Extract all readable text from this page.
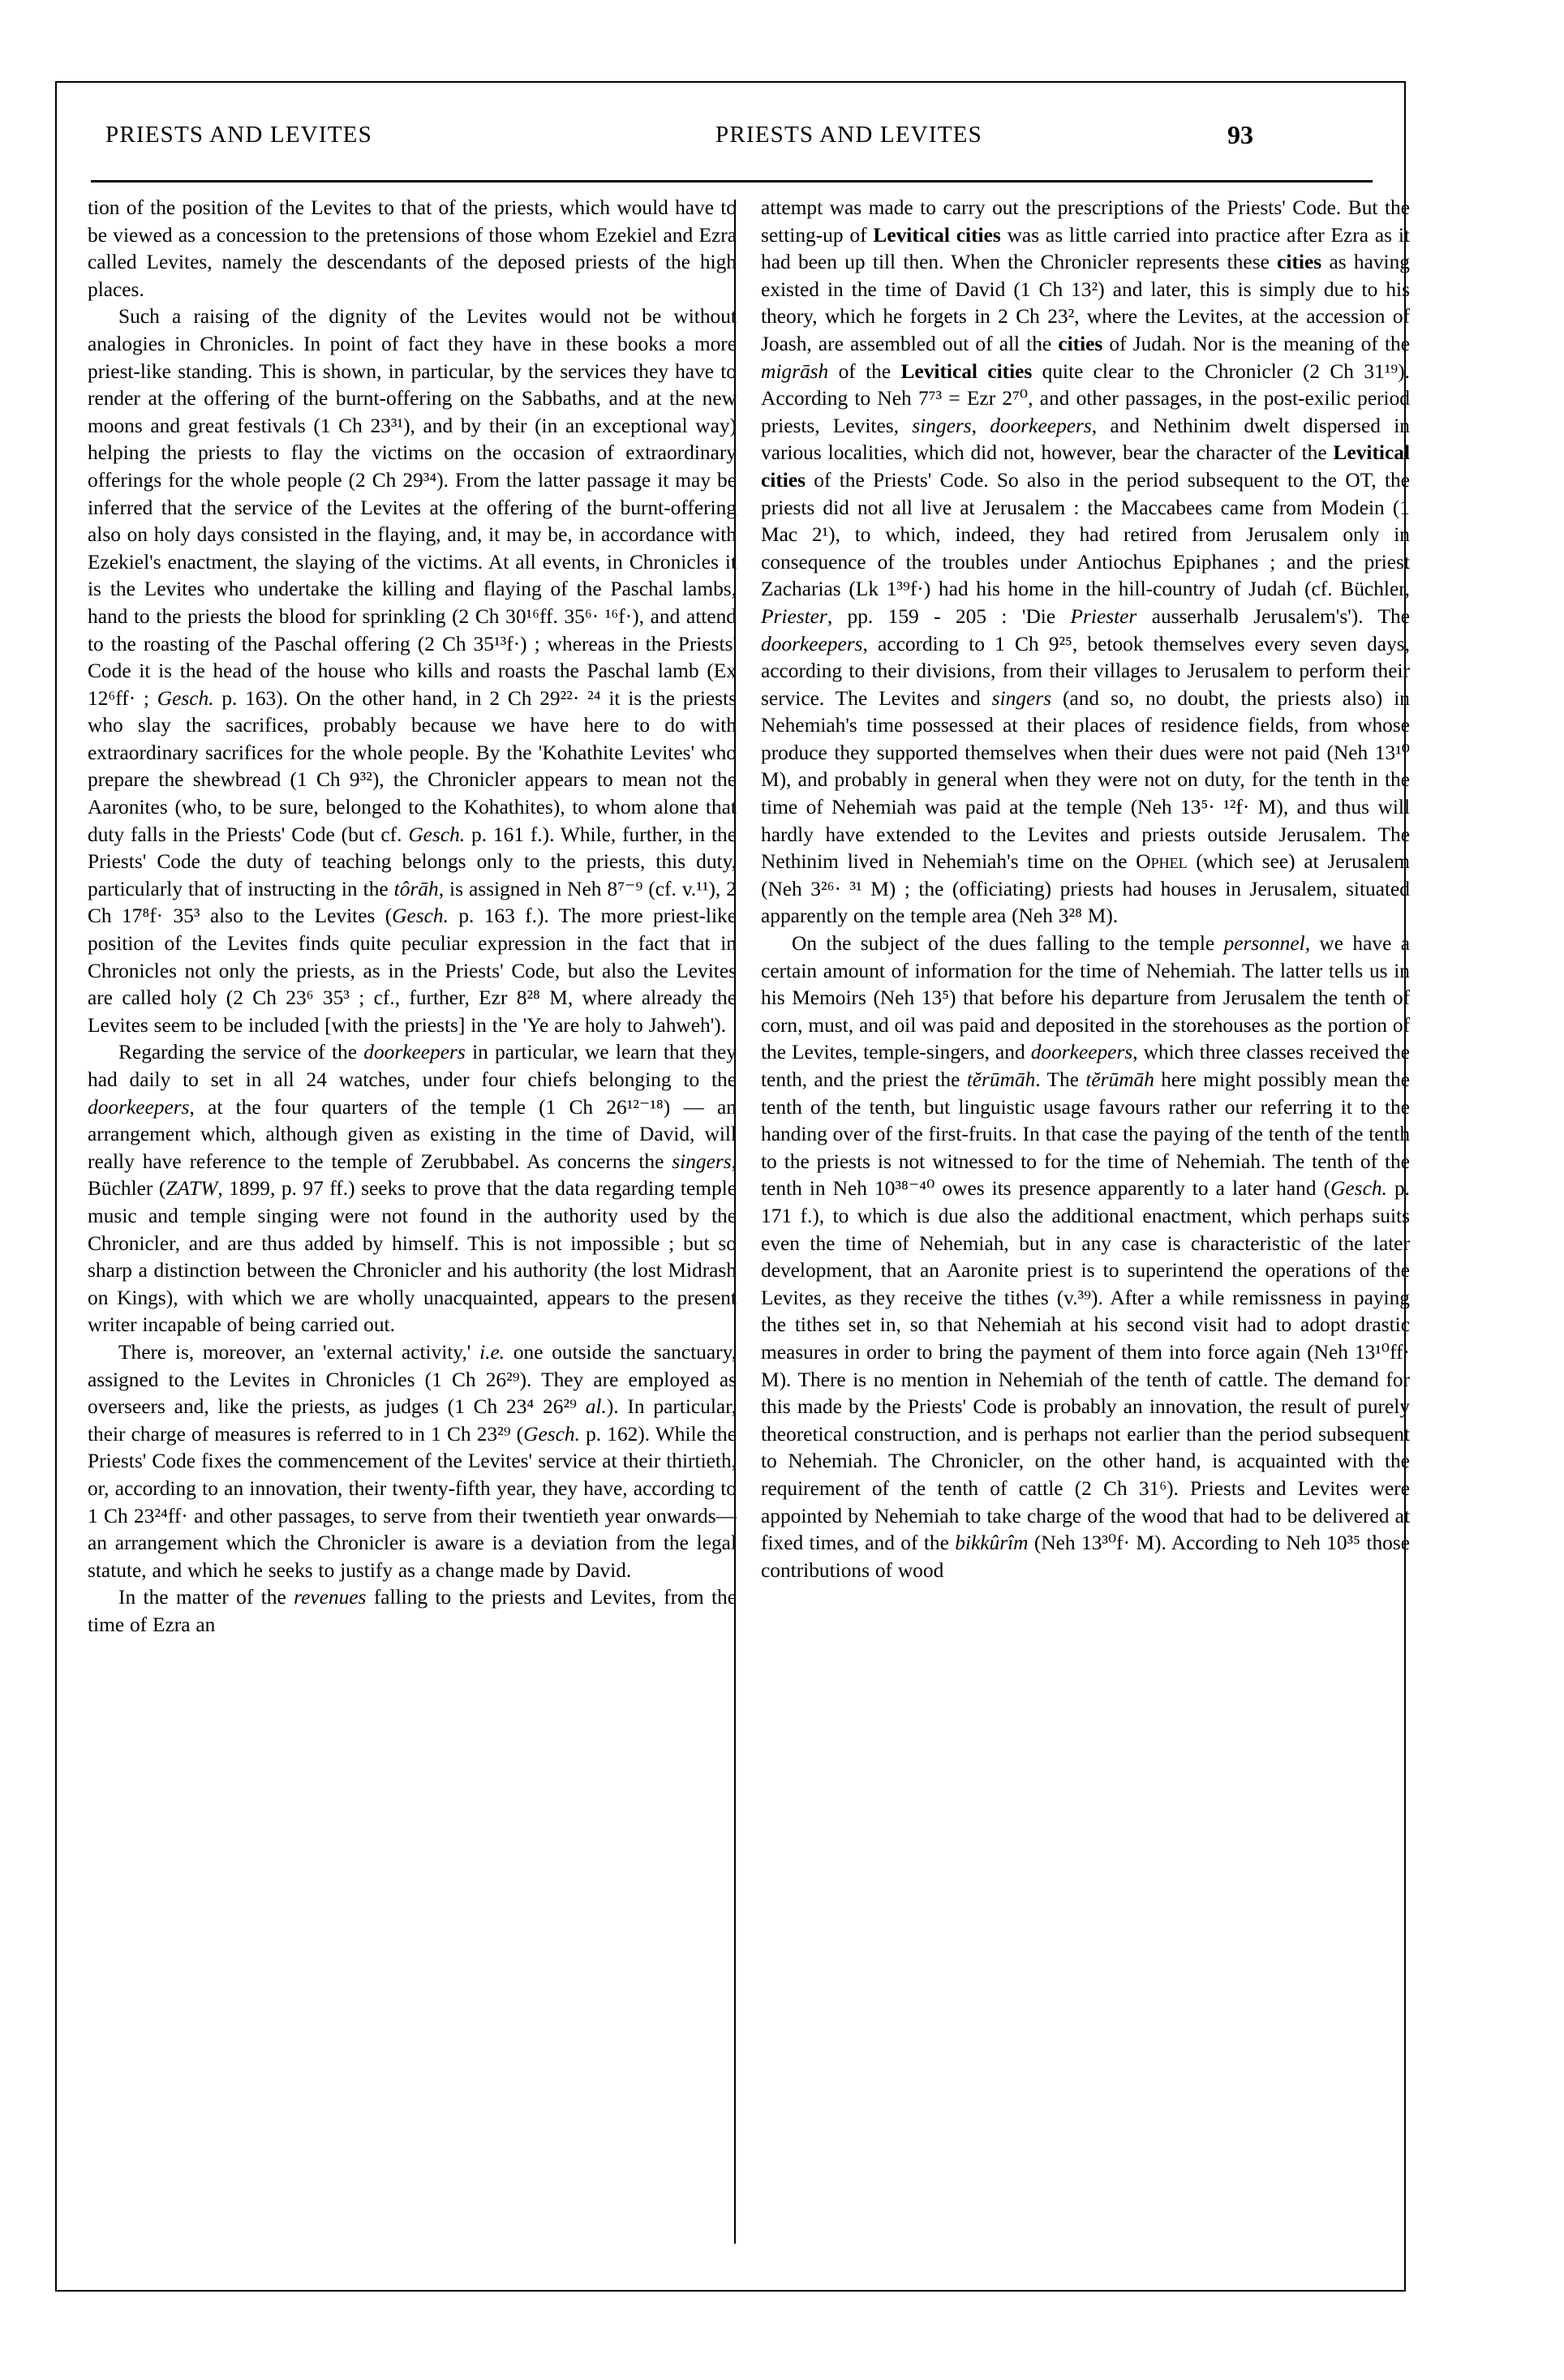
PRIESTS AND LEVITES	PRIESTS AND LEVITES	93

tion of the position of the Levites to that of the priests, which would have to be viewed as a concession to the pretensions of those whom Ezekiel and Ezra called Levites, namely the descendants of the deposed priests of the high places.

Such a raising of the dignity of the Levites would not be without analogies in Chronicles. In point of fact they have in these books a more priest-like standing. This is shown, in particular, by the services they have to render at the offering of the burnt-offering on the Sabbaths, and at the new moons and great festivals (1 Ch 23³¹), and by their (in an exceptional way) helping the priests to flay the victims on the occasion of extraordinary offerings for the whole people (2 Ch 29³⁴). From the latter passage it may be inferred that the service of the Levites at the offering of the burnt-offering also on holy days consisted in the flaying, and, it may be, in accordance with Ezekiel's enactment, the slaying of the victims. At all events, in Chronicles it is the Levites who undertake the killing and flaying of the Paschal lambs, hand to the priests the blood for sprinkling (2 Ch 30¹⁶ff. 35⁶· ¹⁶f·), and attend to the roasting of the Paschal offering (2 Ch 35¹³f·) ; whereas in the Priests' Code it is the head of the house who kills and roasts the Paschal lamb (Ex 12⁶ff· ; Gesch. p. 163). On the other hand, in 2 Ch 29²²· ²⁴ it is the priests who slay the sacrifices, probably because we have here to do with extraordinary sacrifices for the whole people. By the 'Kohathite Levites' who prepare the shewbread (1 Ch 9³²), the Chronicler appears to mean not the Aaronites (who, to be sure, belonged to the Kohathites), to whom alone that duty falls in the Priests' Code (but cf. Gesch. p. 161 f.). While, further, in the Priests' Code the duty of teaching belongs only to the priests, this duty, particularly that of instructing in the tôrāh, is assigned in Neh 8⁷⁻⁹ (cf. v.¹¹), 2 Ch 17⁸f· 35³ also to the Levites (Gesch. p. 163 f.). The more priest-like position of the Levites finds quite peculiar expression in the fact that in Chronicles not only the priests, as in the Priests' Code, but also the Levites are called holy (2 Ch 23⁶ 35³ ; cf., further, Ezr 8²⁸ M, where already the Levites seem to be included [with the priests] in the 'Ye are holy to Jahweh').

Regarding the service of the doorkeepers in particular, we learn that they had daily to set in all 24 watches, under four chiefs belonging to the doorkeepers, at the four quarters of the temple (1 Ch 26¹²⁻¹⁸) — an arrangement which, although given as existing in the time of David, will really have reference to the temple of Zerubbabel. As concerns the singers, Büchler (ZATW, 1899, p. 97 ff.) seeks to prove that the data regarding temple music and temple singing were not found in the authority used by the Chronicler, and are thus added by himself. This is not impossible ; but so sharp a distinction between the Chronicler and his authority (the lost Midrash on Kings), with which we are wholly unacquainted, appears to the present writer incapable of being carried out.

There is, moreover, an 'external activity,' i.e. one outside the sanctuary, assigned to the Levites in Chronicles (1 Ch 26²⁹). They are employed as overseers and, like the priests, as judges (1 Ch 23⁴ 26²⁹ al.). In particular, their charge of measures is referred to in 1 Ch 23²⁹ (Gesch. p. 162). While the Priests' Code fixes the commencement of the Levites' service at their thirtieth, or, according to an innovation, their twenty-fifth year, they have, according to 1 Ch 23²⁴ff· and other passages, to serve from their twentieth year onwards—an arrangement which the Chronicler is aware is a deviation from the legal statute, and which he seeks to justify as a change made by David.

In the matter of the revenues falling to the priests and Levites, from the time of Ezra an

attempt was made to carry out the prescriptions of the Priests' Code. But the setting-up of Levitical cities was as little carried into practice after Ezra as it had been up till then. When the Chronicler represents these cities as having existed in the time of David (1 Ch 13²) and later, this is simply due to his theory, which he forgets in 2 Ch 23², where the Levites, at the accession of Joash, are assembled out of all the cities of Judah. Nor is the meaning of the migrāsh of the Levitical cities quite clear to the Chronicler (2 Ch 31¹⁹). According to Neh 7⁷³ = Ezr 2⁷⁰, and other passages, in the post-exilic period priests, Levites, singers, doorkeepers, and Nethinim dwelt dispersed in various localities, which did not, however, bear the character of the Levitical cities of the Priests' Code. So also in the period subsequent to the OT, the priests did not all live at Jerusalem : the Maccabees came from Modein (1 Mac 2¹), to which, indeed, they had retired from Jerusalem only in consequence of the troubles under Antiochus Epiphanes ; and the priest Zacharias (Lk 1³⁹f·) had his home in the hill-country of Judah (cf. Büchler, Priester, pp. 159 - 205 : 'Die Priester ausserhalb Jerusalem's'). The doorkeepers, according to 1 Ch 9²⁵, betook themselves every seven days, according to their divisions, from their villages to Jerusalem to perform their service. The Levites and singers (and so, no doubt, the priests also) in Nehemiah's time possessed at their places of residence fields, from whose produce they supported themselves when their dues were not paid (Neh 13¹⁰ M), and probably in general when they were not on duty, for the tenth in the time of Nehemiah was paid at the temple (Neh 13⁵· ¹²f· M), and thus will hardly have extended to the Levites and priests outside Jerusalem. The Nethinim lived in Nehemiah's time on the Ophel (which see) at Jerusalem (Neh 3²⁶· ³¹ M) ; the (officiating) priests had houses in Jerusalem, situated apparently on the temple area (Neh 3²⁸ M).

On the subject of the dues falling to the temple personnel, we have a certain amount of information for the time of Nehemiah. The latter tells us in his Memoirs (Neh 13⁵) that before his departure from Jerusalem the tenth of corn, must, and oil was paid and deposited in the storehouses as the portion of the Levites, temple-singers, and doorkeepers, which three classes received the tenth, and the priest the tĕrūmāh. The tĕrūmāh here might possibly mean the tenth of the tenth, but linguistic usage favours rather our referring it to the handing over of the first-fruits. In that case the paying of the tenth of the tenth to the priests is not witnessed to for the time of Nehemiah. The tenth of the tenth in Neh 10³⁸⁻⁴⁰ owes its presence apparently to a later hand (Gesch. p. 171 f.), to which is due also the additional enactment, which perhaps suits even the time of Nehemiah, but in any case is characteristic of the later development, that an Aaronite priest is to superintend the operations of the Levites, as they receive the tithes (v.³⁹). After a while remissness in paying the tithes set in, so that Nehemiah at his second visit had to adopt drastic measures in order to bring the payment of them into force again (Neh 13¹⁰ff· M). There is no mention in Nehemiah of the tenth of cattle. The demand for this made by the Priests' Code is probably an innovation, the result of purely theoretical construction, and is perhaps not earlier than the period subsequent to Nehemiah. The Chronicler, on the other hand, is acquainted with the requirement of the tenth of cattle (2 Ch 31⁶). Priests and Levites were appointed by Nehemiah to take charge of the wood that had to be delivered at fixed times, and of the bikkûrîm (Neh 13³⁰f· M). According to Neh 10³⁵ those contributions of wood
